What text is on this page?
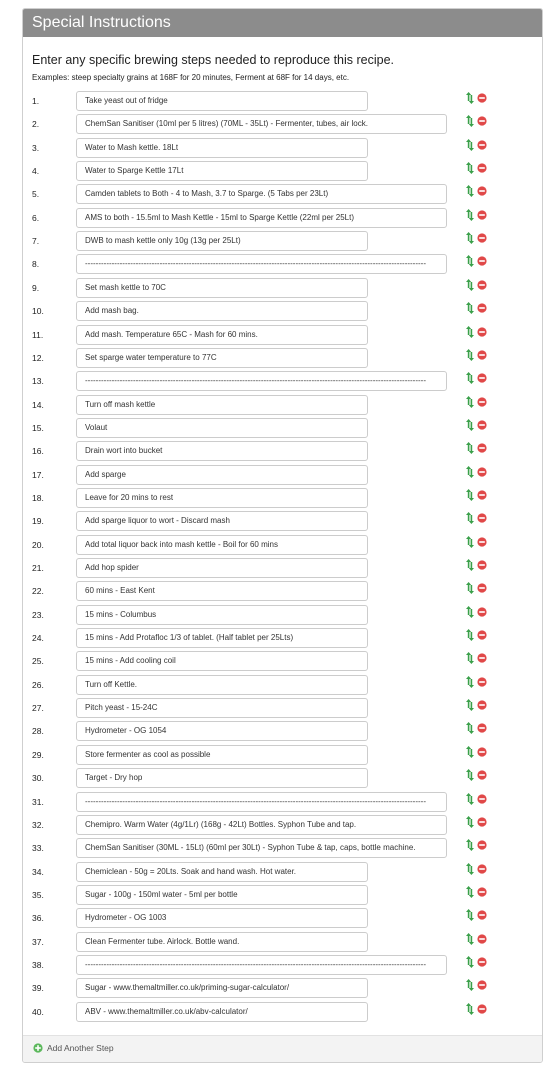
Special Instructions
Enter any specific brewing steps needed to reproduce this recipe.
Examples: steep specialty grains at 168F for 20 minutes, Ferment at 68F for 14 days, etc.
1.	Take yeast out of fridge
2.	ChemSan Sanitiser (10ml per 5 litres) (70ML - 35Lt) - Fermenter, tubes, air lock.
3.	Water to Mash kettle. 18Lt
4.	Water to Sparge Kettle 17Lt
5.	Camden tablets to Both - 4 to Mash, 3.7 to Sparge. (5 Tabs per 23Lt)
6.	AMS to both - 15.5ml to Mash Kettle - 15ml to Sparge Kettle (22ml per 25Lt)
7.	DWB to mash kettle only 10g (13g per 25Lt)
8.	--------------------------------------------------------------------------------------------------------------------------------
9.	Set mash kettle to 70C
10.	Add mash bag.
11.	Add mash. Temperature 65C - Mash for 60 mins.
12.	Set sparge water temperature to 77C
13.	--------------------------------------------------------------------------------------------------------------------------------
14.	Turn off mash kettle
15.	Volaut
16.	Drain wort into bucket
17.	Add sparge
18.	Leave for 20 mins to rest
19.	Add sparge liquor to wort - Discard mash
20.	Add total liquor back into mash kettle - Boil for 60 mins
21.	Add hop spider
22.	60 mins - East Kent
23.	15 mins - Columbus
24.	15 mins - Add Protafloc 1/3 of tablet. (Half tablet per 25Lts)
25.	15 mins - Add cooling coil
26.	Turn off Kettle.
27.	Pitch yeast - 15-24C
28.	Hydrometer - OG 1054
29.	Store fermenter as cool as possible
30.	Target - Dry hop
31.	--------------------------------------------------------------------------------------------------------------------------------
32.	Chemipro. Warm Water (4g/1Lr) (168g - 42Lt) Bottles. Syphon Tube and tap.
33.	ChemSan Sanitiser (30ML - 15Lt) (60ml per 30Lt) - Syphon Tube & tap, caps, bottle machine.
34.	Chemiclean - 50g = 20Lts. Soak and hand wash. Hot water.
35.	Sugar - 100g - 150ml water - 5ml per bottle
36.	Hydrometer - OG 1003
37.	Clean Fermenter tube. Airlock. Bottle wand.
38.	--------------------------------------------------------------------------------------------------------------------------------
39.	Sugar - www.themaltmiller.co.uk/priming-sugar-calculator/
40.	ABV - www.themaltmiller.co.uk/abv-calculator/
Add Another Step
